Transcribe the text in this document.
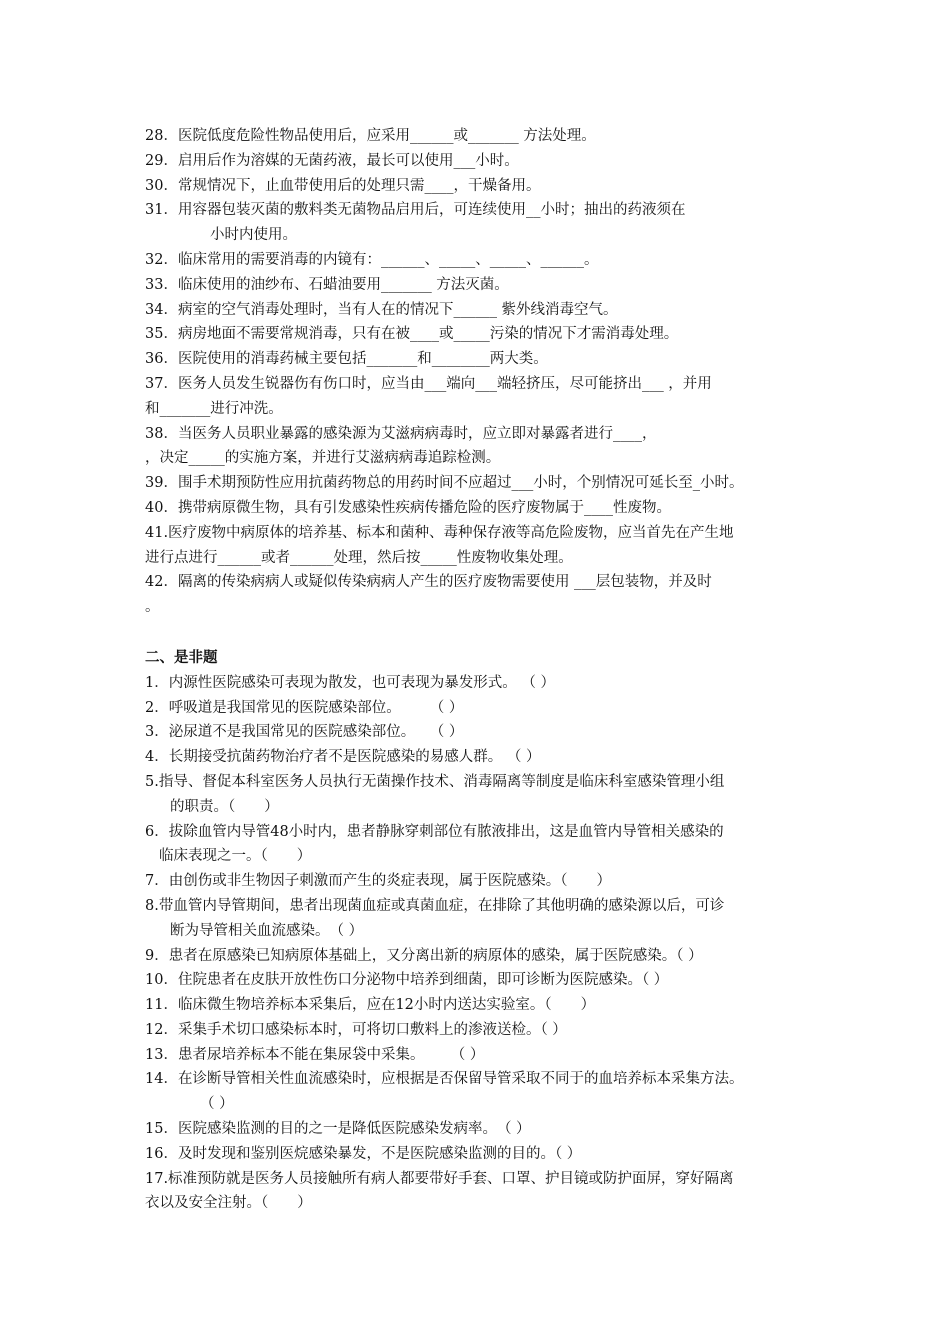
28．医院低度危险性物品使用后，应采用______或_______ 方法处理。
29．启用后作为溶媒的无菌药液，最长可以使用___小时。
30．常规情况下，止血带使用后的处理只需____，干燥备用。
31．用容器包装灭菌的敷料类无菌物品启用后，可连续使用__小时；抽出的药液须在
小时内使用。
32．临床常用的需要消毒的内镜有：______、_____、_____、______。
33．临床使用的油纱布、石蜡油要用_______ 方法灭菌。
34．病室的空气消毒处理时，当有人在的情况下______ 紫外线消毒空气。
35．病房地面不需要常规消毒，只有在被____或_____污染的情况下才需消毒处理。
36．医院使用的消毒药械主要包括_______和________两大类。
37．医务人员发生锐器伤有伤口时，应当由___端向___端轻挤压，尽可能挤出___ ，并用
和_______进行冲洗。
38．当医务人员职业暴露的感染源为艾滋病病毒时，应立即对暴露者进行____，
，决定_____的实施方案，并进行艾滋病病毒追踪检测。
39．围手术期预防性应用抗菌药物总的用药时间不应超过___小时，个别情况可延长至_小时。
40．携带病原微生物，具有引发感染性疾病传播危险的医疗废物属于____性废物。
41.医疗废物中病原体的培养基、标本和菌种、毒种保存液等高危险废物，应当首先在产生地
进行点进行______或者______处理，然后按_____性废物收集处理。
42．隔离的传染病病人或疑似传染病病人产生的医疗废物需要使用 ___层包装物，并及时
。
二、是非题
1．内源性医院感染可表现为散发，也可表现为暴发形式。 （ ）
2．呼吸道是我国常见的医院感染部位。　　　（ ）
3．泌尿道不是我国常见的医院感染部位。　　（ ）
4．长期接受抗菌药物治疗者不是医院感染的易感人群。 （ ）
5.指导、督促本科室医务人员执行无菌操作技术、消毒隔离等制度是临床科室感染管理小组
的职责。（　　）
6．拔除血管内导管48小时内，患者静脉穿刺部位有脓液排出，这是血管内导管相关感染的
临床表现之一。（　　）
7．由创伤或非生物因子刺激而产生的炎症表现，属于医院感染。（　　）
8.带血管内导管期间，患者出现菌血症或真菌血症，在排除了其他明确的感染源以后，可诊
断为导管相关血流感染。　（ ）
9．患者在原感染已知病原体基础上，又分离出新的病原体的感染，属于医院感染。（ ）
10．住院患者在皮肤开放性伤口分泌物中培养到细菌，即可诊断为医院感染。（ ）
11．临床微生物培养标本采集后，应在12小时内送达实验室。（　　）
12．采集手术切口感染标本时，可将切口敷料上的渗液送检。（ ）
13．患者尿培养标本不能在集尿袋中采集。　　 （ ）
14．在诊断导管相关性血流感染时，应根据是否保留导管采取不同于的血培养标本采集方法。
（ ）
15．医院感染监测的目的之一是降低医院感染发病率。　（ ）
16．及时发现和鉴别医烷感染暴发，不是医院感染监测的目的。（ ）
17.标准预防就是医务人员接触所有病人都要带好手套、口罩、护目镜或防护面屏，穿好隔离
衣以及安全注射。（　　）
